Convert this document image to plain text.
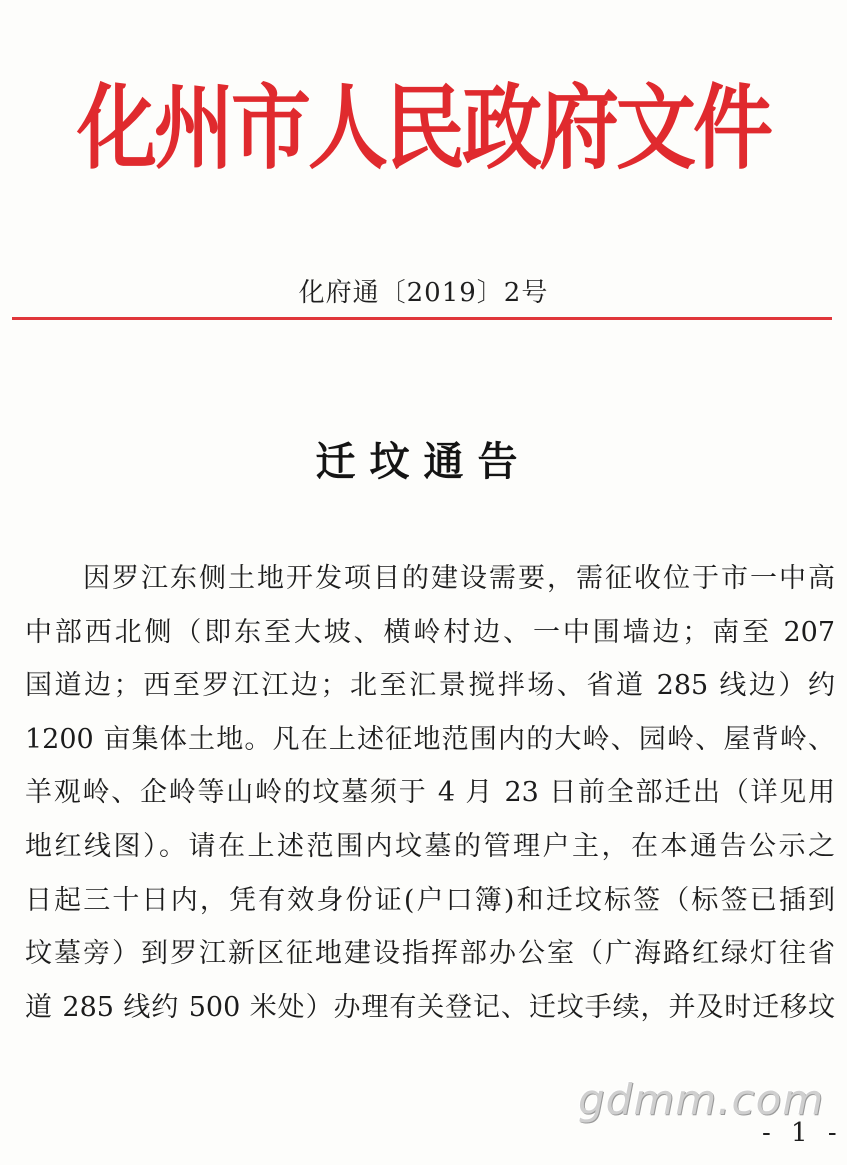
化州市人民政府文件
化府通〔2019〕2号
迁坟通告
因罗江东侧土地开发项目的建设需要，需征收位于市一中高
中部西北侧（即东至大坡、横岭村边、一中围墙边；南至 207
国道边；西至罗江江边；北至汇景搅拌场、省道 285 线边）约
1200 亩集体土地。凡在上述征地范围内的大岭、园岭、屋背岭、
羊观岭、企岭等山岭的坟墓须于 4 月 23 日前全部迁出（详见用
地红线图）。请在上述范围内坟墓的管理户主，在本通告公示之
日起三十日内，凭有效身份证(户口簿)和迁坟标签（标签已插到
坟墓旁）到罗江新区征地建设指挥部办公室（广海路红绿灯往省
道 285 线约 500 米处）办理有关登记、迁坟手续，并及时迁移坟
gdmm.com
- 1 -
